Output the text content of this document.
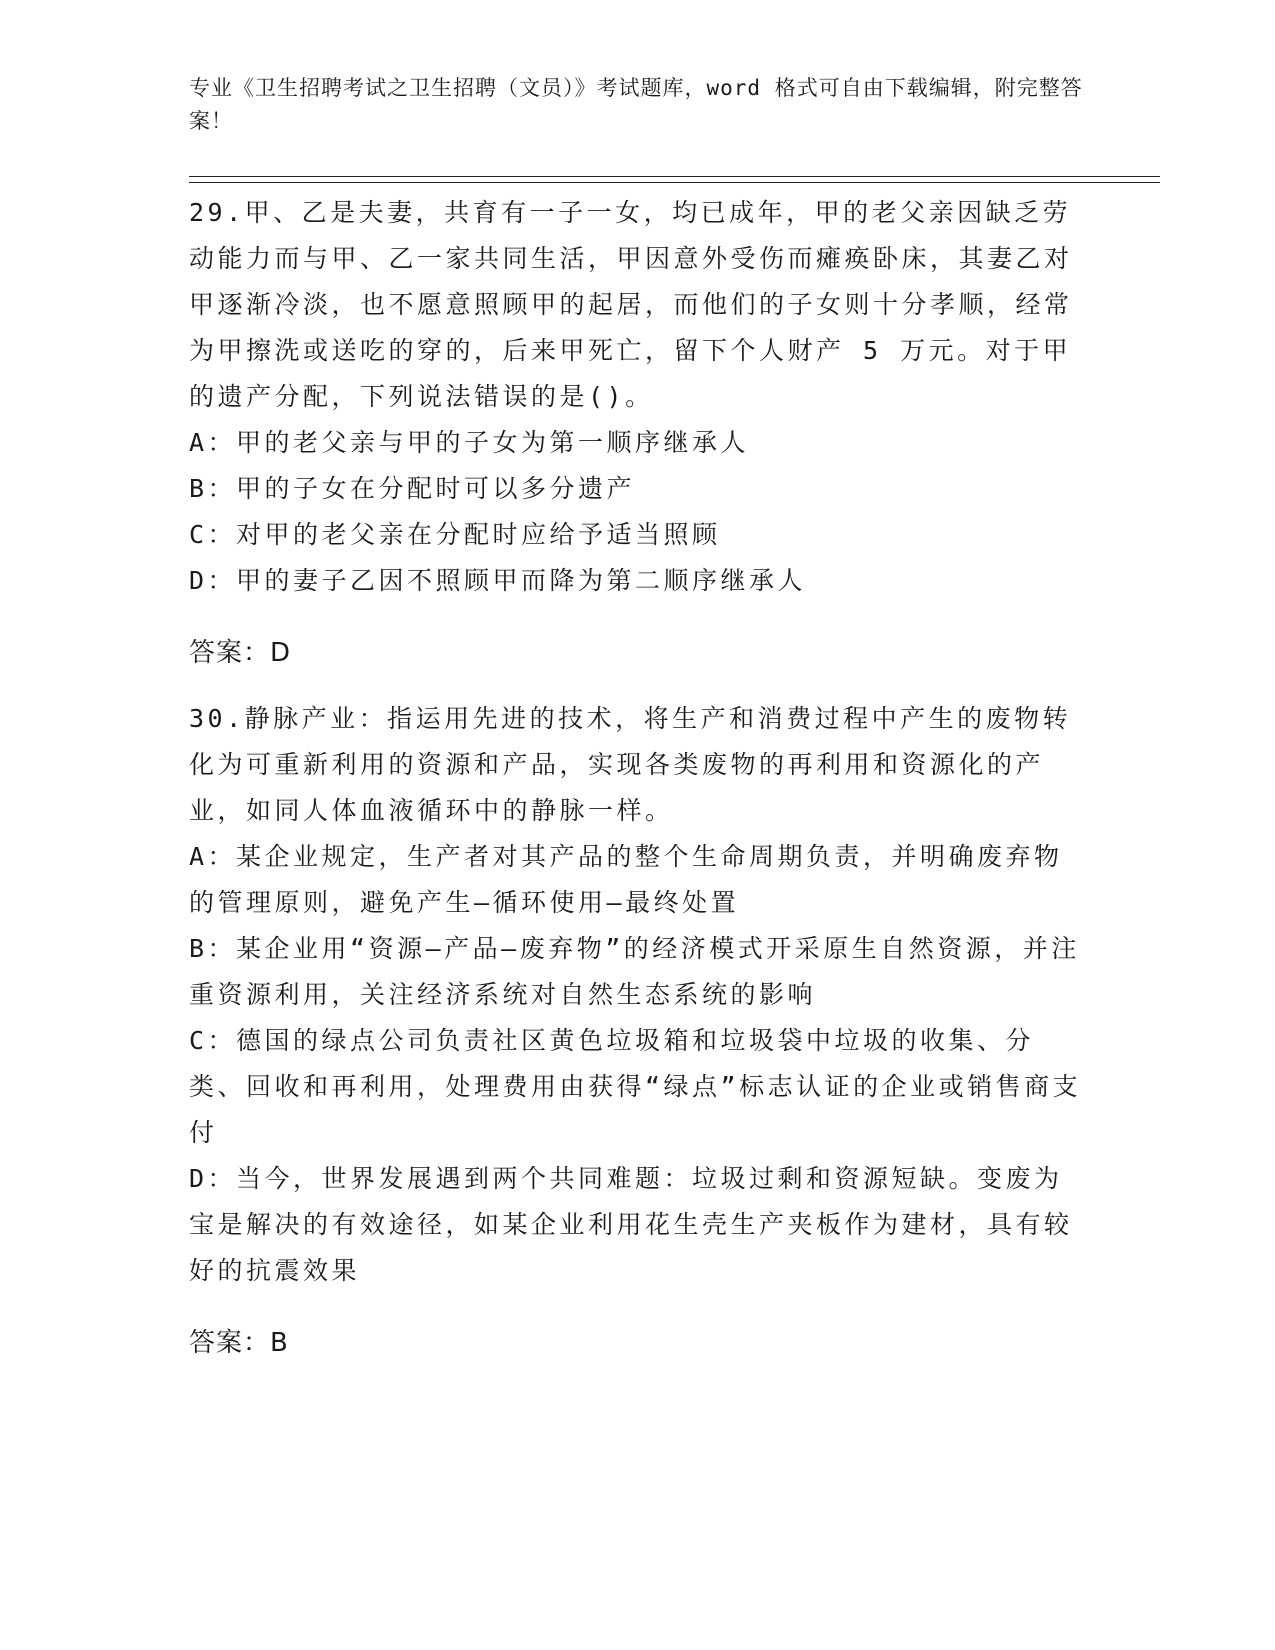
专业《卫生招聘考试之卫生招聘（文员）》考试题库，word 格式可自由下载编辑，附完整答案！

29.甲、乙是夫妻，共育有一子一女，均已成年，甲的老父亲因缺乏劳动能力而与甲、乙一家共同生活，甲因意外受伤而瘫痪卧床，其妻乙对甲逐渐冷淡，也不愿意照顾甲的起居，而他们的子女则十分孝顺，经常为甲擦洗或送吃的穿的，后来甲死亡，留下个人财产 5 万元。对于甲的遗产分配，下列说法错误的是()。

A：甲的老父亲与甲的子女为第一顺序继承人

B：甲的子女在分配时可以多分遗产

C：对甲的老父亲在分配时应给予适当照顾

D：甲的妻子乙因不照顾甲而降为第二顺序继承人

答案：D

30.静脉产业：指运用先进的技术，将生产和消费过程中产生的废物转化为可重新利用的资源和产品，实现各类废物的再利用和资源化的产业，如同人体血液循环中的静脉一样。

A：某企业规定，生产者对其产品的整个生命周期负责，并明确废弃物的管理原则，避免产生—循环使用—最终处置

B：某企业用“资源—产品—废弃物”的经济模式开采原生自然资源，并注重资源利用，关注经济系统对自然生态系统的影响

C：德国的绿点公司负责社区黄色垃圾箱和垃圾袋中垃圾的收集、分类、回收和再利用，处理费用由获得“绿点”标志认证的企业或销售商支付

D：当今，世界发展遇到两个共同难题：垃圾过剩和资源短缺。变废为宝是解决的有效途径，如某企业利用花生壳生产夹板作为建材，具有较好的抗震效果

答案：B
